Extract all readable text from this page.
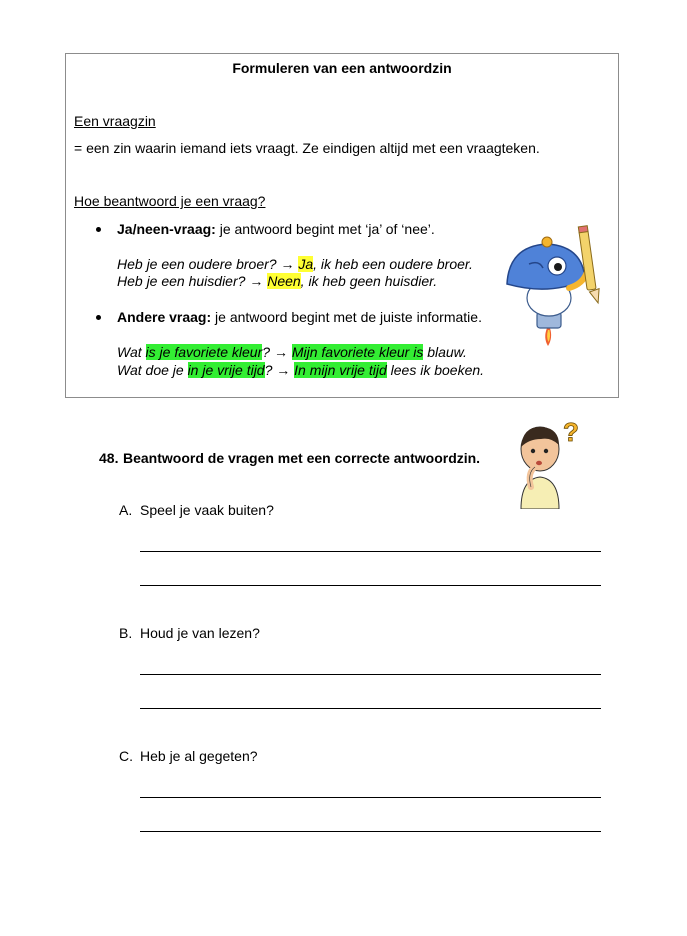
Formuleren van een antwoordzin
Een vraagzin
= een zin waarin iemand iets vraagt. Ze eindigen altijd met een vraagteken.
Hoe beantwoord je een vraag?
Ja/neen-vraag: je antwoord begint met ‘ja’ of ‘nee’.
Heb je een oudere broer? → Ja, ik heb een oudere broer.
Heb je een huisdier? → Neen, ik heb geen huisdier.
Andere vraag: je antwoord begint met de juiste informatie.
Wat is je favoriete kleur? → Mijn favoriete kleur is blauw.
Wat doe je in je vrije tijd? → In mijn vrije tijd lees ik boeken.
48. Beantwoord de vragen met een correcte antwoordzin.
?
A. Speel je vaak buiten?
B. Houd je van lezen?
C. Heb je al gegeten?
